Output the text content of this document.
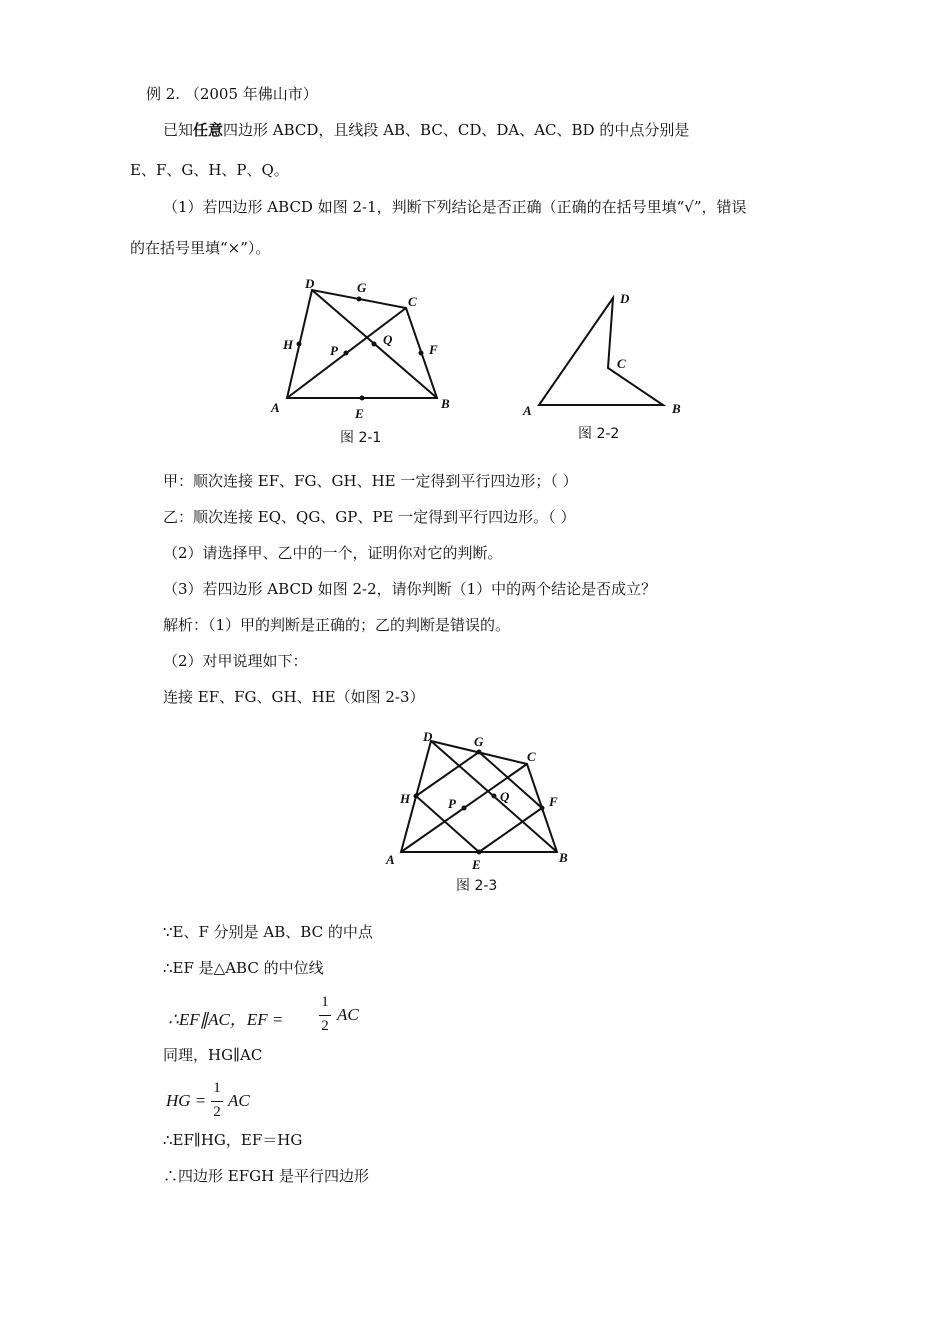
例 2. （2005 年佛山市）
已知任意四边形 ABCD，且线段 AB、BC、CD、DA、AC、BD 的中点分别是
E、F、G、H、P、Q。
（1）若四边形 ABCD 如图 2-1，判断下列结论是否正确（正确的在括号里填“√”，错误
的在括号里填“×”）。
A	B
C
D
E
F
G
H	P
Q
图 2-1
A	B
C
D
图 2-2
甲：顺次连接 EF、FG、GH、HE 一定得到平行四边形；（ ）
乙：顺次连接 EQ、QG、GP、PE 一定得到平行四边形。（ ）
（2）请选择甲、乙中的一个，证明你对它的判断。
（3）若四边形 ABCD 如图 2-2，请你判断（1）中的两个结论是否成立？
解析：（1）甲的判断是正确的；乙的判断是错误的。
（2）对甲说理如下：
连接 EF、FG、GH、HE（如图 2-3）
A	B
C
D
E
F
G
H	P	Q
图 2-3
∵E、F 分别是 AB、BC 的中点
∴EF 是△ABC 的中位线
∴EF∥AC，EF =
1
2
AC
同理，HG∥AC
HG =
1
2
AC
∴EF∥HG，EF＝HG
∴四边形 EFGH 是平行四边形
